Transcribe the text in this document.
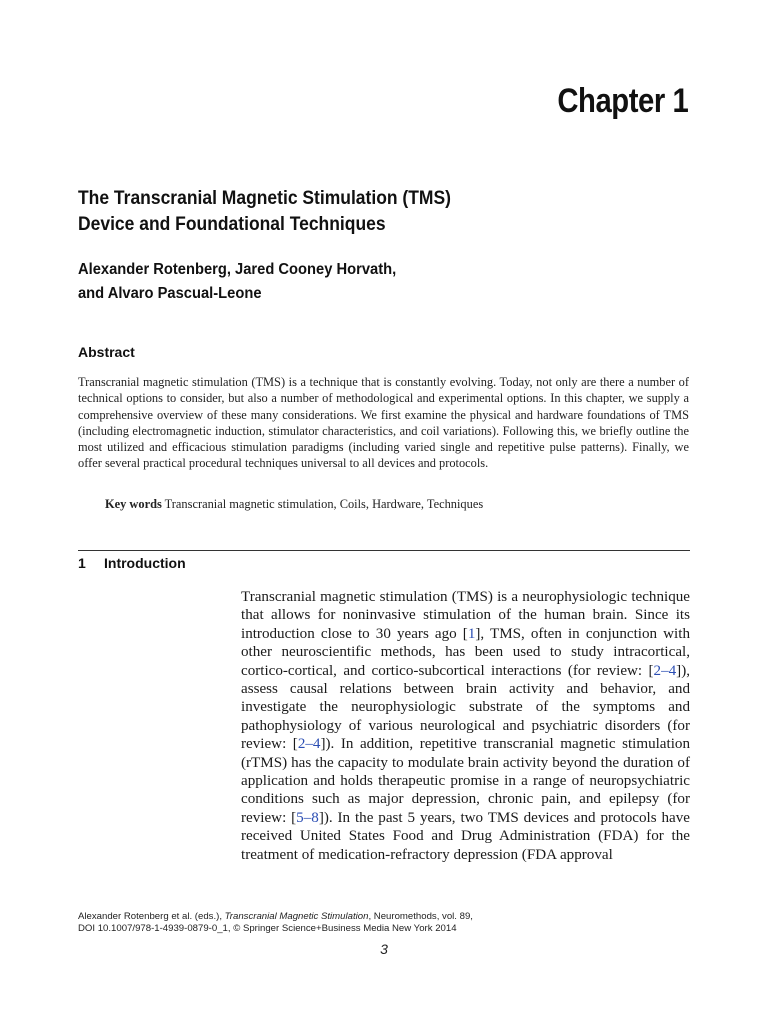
Chapter 1
The Transcranial Magnetic Stimulation (TMS)
Device and Foundational Techniques
Alexander Rotenberg, Jared Cooney Horvath,
and Alvaro Pascual-Leone
Abstract
Transcranial magnetic stimulation (TMS) is a technique that is constantly evolving. Today, not only are there a number of technical options to consider, but also a number of methodological and experimental options. In this chapter, we supply a comprehensive overview of these many considerations. We first examine the physical and hardware foundations of TMS (including electromagnetic induction, stimulator characteristics, and coil variations). Following this, we briefly outline the most utilized and efficacious stimulation paradigms (including varied single and repetitive pulse patterns). Finally, we offer several practical procedural techniques universal to all devices and protocols.
Key words Transcranial magnetic stimulation, Coils, Hardware, Techniques
1 Introduction
Transcranial magnetic stimulation (TMS) is a neurophysiologic technique that allows for noninvasive stimulation of the human brain. Since its introduction close to 30 years ago [1], TMS, often in conjunction with other neuroscientific methods, has been used to study intracortical, cortico-cortical, and cortico-subcortical interactions (for review: [2–4]), assess causal relations between brain activity and behavior, and investigate the neurophysiologic substrate of the symptoms and pathophysiology of various neurological and psychiatric disorders (for review: [2–4]). In addition, repetitive transcranial magnetic stimulation (rTMS) has the capacity to modulate brain activity beyond the duration of application and holds therapeutic promise in a range of neuropsychiatric conditions such as major depression, chronic pain, and epilepsy (for review: [5–8]). In the past 5 years, two TMS devices and protocols have received United States Food and Drug Administration (FDA) for the treatment of medication-refractory depression (FDA approval
Alexander Rotenberg et al. (eds.), Transcranial Magnetic Stimulation, Neuromethods, vol. 89,
DOI 10.1007/978-1-4939-0879-0_1, © Springer Science+Business Media New York 2014
3
